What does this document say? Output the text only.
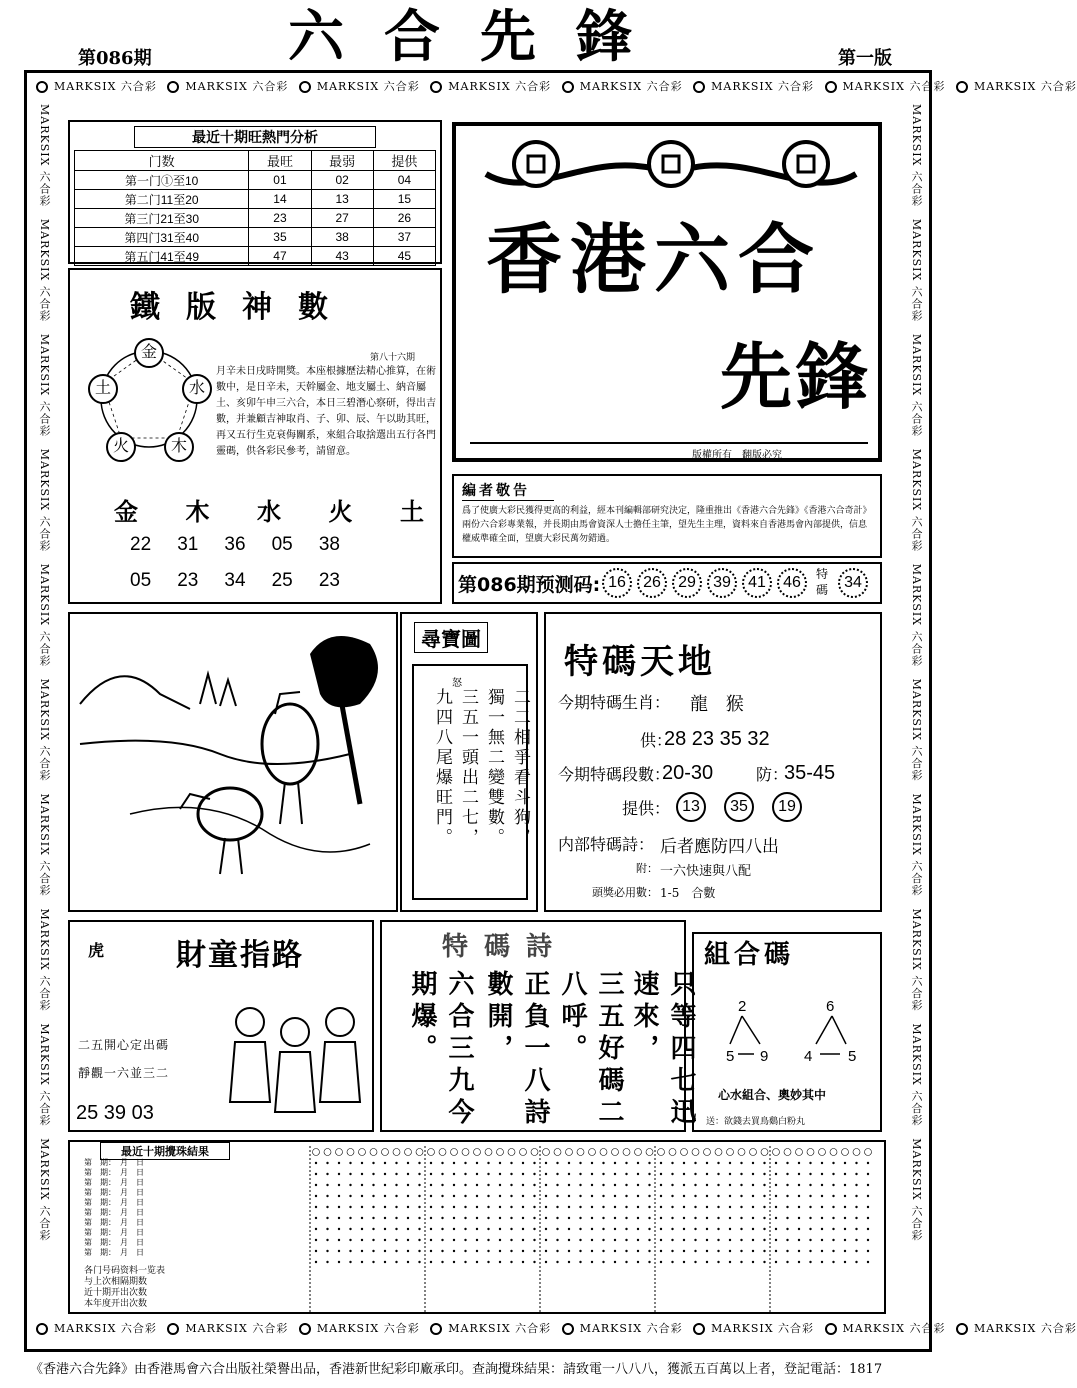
第086期	六合先鋒	第一版
MARKSIX 六合彩	MARKSIX 六合彩	MARKSIX 六合彩	MARKSIX 六合彩	MARKSIX 六合彩	MARKSIX 六合彩	MARKSIX 六合彩	MARKSIX 六合彩
MARKSIX 六合彩	MARKSIX 六合彩	MARKSIX 六合彩	MARKSIX 六合彩	MARKSIX 六合彩	MARKSIX 六合彩	MARKSIX 六合彩	MARKSIX 六合彩
MARKSIX 六合彩　MARKSIX 六合彩　MARKSIX 六合彩　MARKSIX 六合彩　MARKSIX 六合彩　MARKSIX 六合彩　MARKSIX 六合彩　MARKSIX 六合彩　MARKSIX 六合彩　MARKSIX 六合彩
MARKSIX 六合彩　MARKSIX 六合彩　MARKSIX 六合彩　MARKSIX 六合彩　MARKSIX 六合彩　MARKSIX 六合彩　MARKSIX 六合彩　MARKSIX 六合彩　MARKSIX 六合彩　MARKSIX 六合彩
最近十期旺熱門分析
门数	最旺	最弱	提供
第一门①至10	01	02	04
第二门11至20	14	13	15
第三门21至30	23	27	26
第四门31至40	35	38	37
第五门41至49	47	43	45
鐵版神數
金
水
木
火
土
第八十六期
月辛未日戌時開獎。本座根據歷法精心推算，在術數中，是日辛未，天幹屬金、地支屬土、納音屬土、亥卯午申三六合，本日三碧潛心察研，得出吉數，并兼顧吉神取肖、子、卯、辰、午以助其旺，再又五行生克衰侮關系，來組合取捨選出五行各門靈碼，供各彩民參考，請留意。
金 木 水 火 土
22 31 36 05 38
05 23 34 25 23
香港六合
先鋒
版權所有　翻版必究
編者敬告
爲了使廣大彩民獲得更高的利益，經本刊編輯部研究決定，隆重推出《香港六合先鋒》《香港六合奇計》兩份六合彩專業報，并長期由馬會資深人士擔任主筆，望先生主理，資料來自香港馬會內部提供，信息權威準確全面，望廣大彩民萬勿錯過。
第086期预测码: 16	26	29	39	41	46	特碼	34
尋寶圖
怒
二二相爭看斗狗，
獨一無二變雙數。
三五一頭出二七，
九四八尾爆旺門。
特碼天地
今期特碼生肖： 龍 猴
供：
28 23 35 32
今期特碼段數：
20-30	防：
35-45
提供： 13	35	19
内部特碼詩： 后者應防四八出
附： 一六快速與八配
頭獎必用數： 1-5　合數
虎 財童指路
二五開心定出碼
靜觀一六並三二
25 39 03
特碼詩
只等四七迅速來，
三五好碼二八呼。
正負一八詩數開，
六合三九今期爆。
組合碼
2
5 9
6
4 5
心水組合、奧妙其中
送：欲錢去買鳥鷄白粉丸
最近十期攪珠結果
第　期：　月　日
第　期：　月　日
第　期：　月　日
第　期：　月　日
第　期：　月　日
第　期：　月　日
第　期：　月　日
第　期：　月　日
第　期：　月　日
第　期：　月　日
各门号码资料一览表
与上次相隔期数
近十期开出次数
本年度开出次数
《香港六合先鋒》由香港馬會六合出版社榮譽出品，香港新世紀彩印廠承印。查詢攪珠結果：請致電一八八八，獲派五百萬以上者，登記電話：1817
